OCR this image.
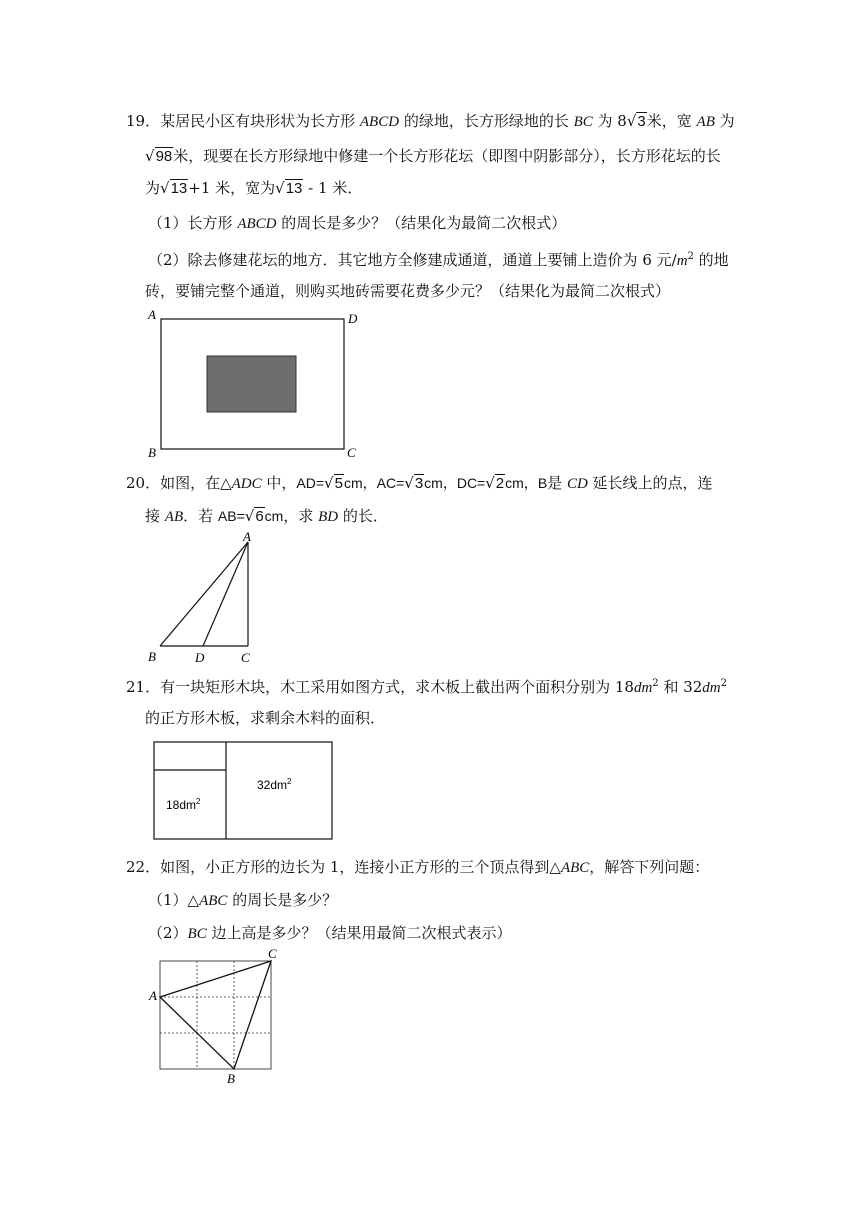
19．某居民小区有块形状为长方形 ABCD 的绿地，长方形绿地的长 BC 为 8√3米，宽 AB 为
√98米，现要在长方形绿地中修建一个长方形花坛（即图中阴影部分），长方形花坛的长
为√13+1 米，宽为√13 - 1 米．
（1）长方形 ABCD 的周长是多少？（结果化为最简二次根式）
（2）除去修建花坛的地方．其它地方全修建成通道，通道上要铺上造价为 6 元$/m^2$ 的地
砖，要铺完整个通道，则购买地砖需要花费多少元？（结果化为最简二次根式）
A	D
B	C
20．如图，在△ADC 中，AD=√5cm，AC=√3cm，DC=√2cm，B是 CD 延长线上的点，连
接 AB．若 AB=√6cm，求 BD 的长．
A
B	D	C
21．有一块矩形木块，木工采用如图方式，求木板上截出两个面积分别为 $18dm^2$ 和 $32dm^2$
的正方形木板，求剩余木料的面积．
$32dm^2$
$18dm^2$
22．如图，小正方形的边长为 1，连接小正方形的三个顶点得到△ABC，解答下列问题：
（1）△ABC 的周长是多少？
（2）BC 边上高是多少？（结果用最简二次根式表示）
A
C
B
